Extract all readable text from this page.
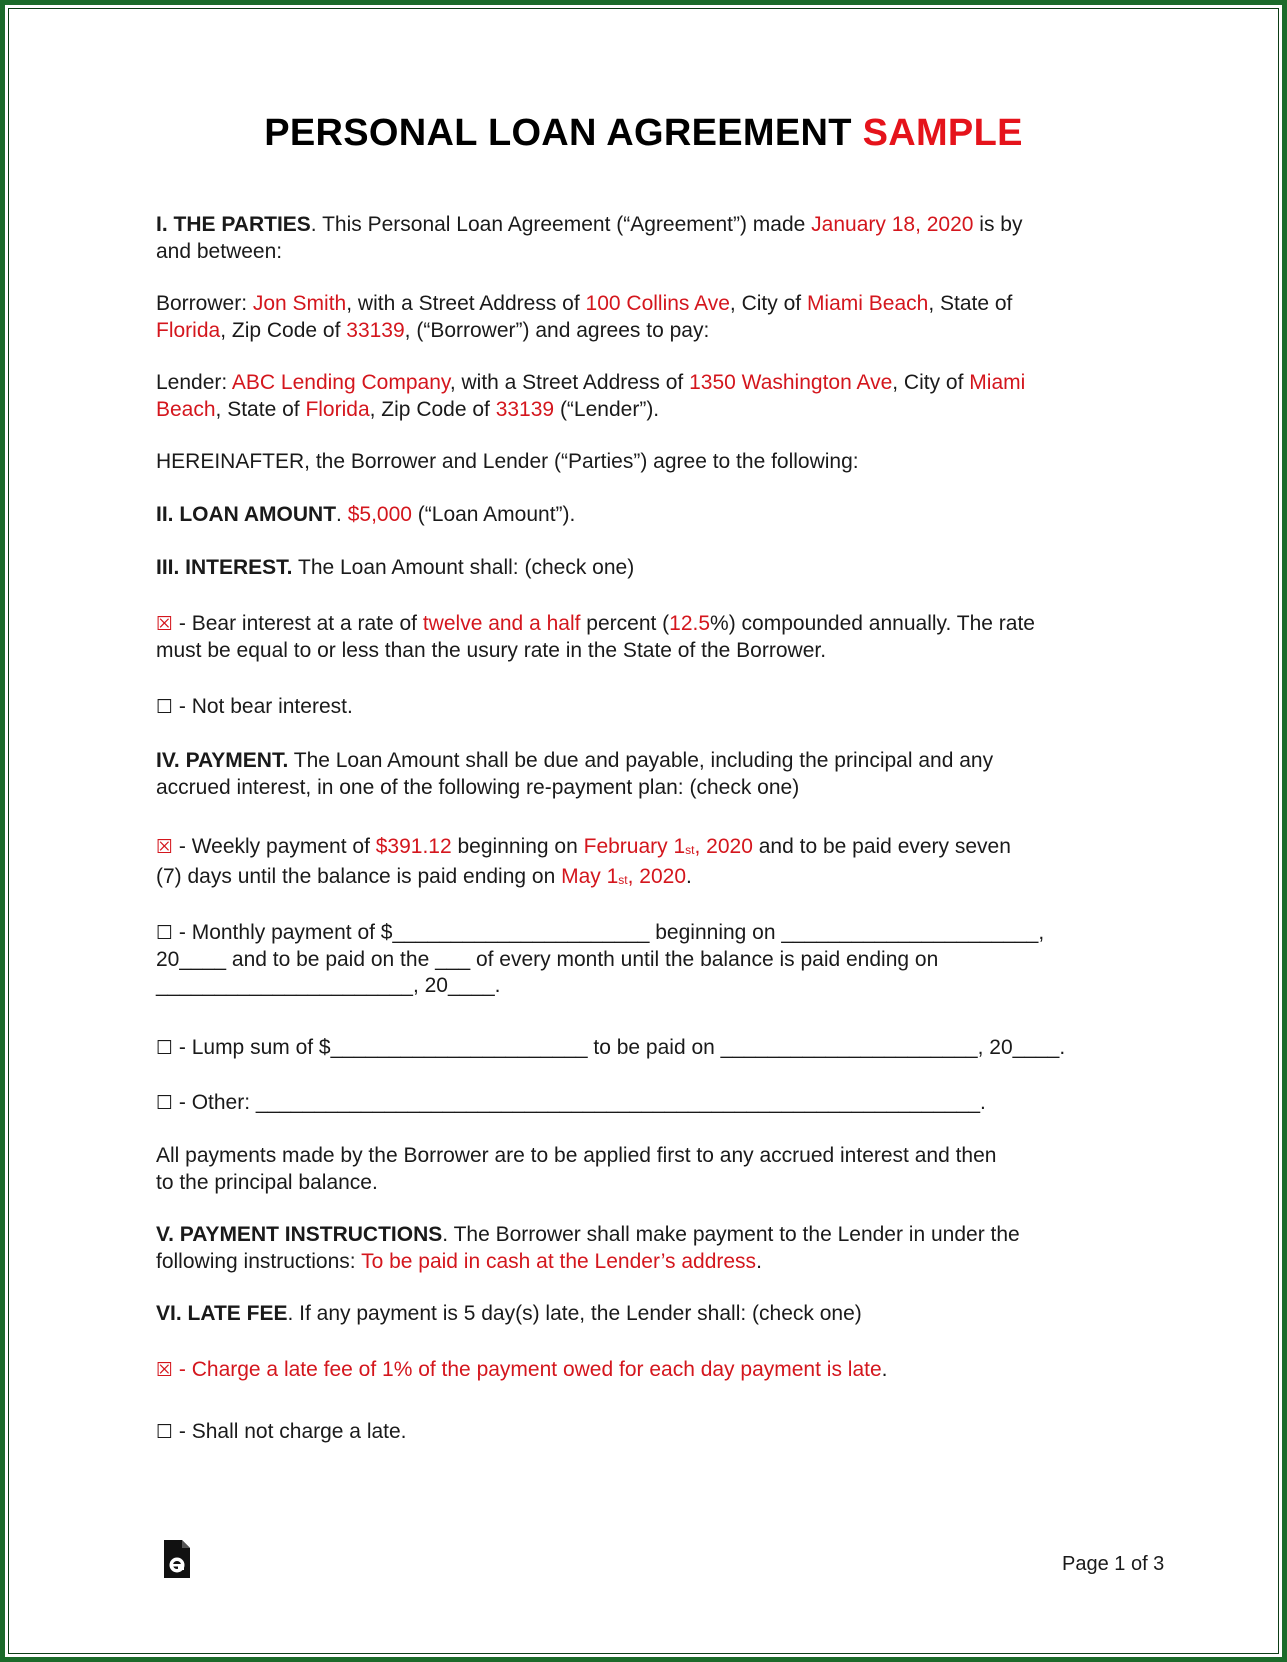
PERSONAL LOAN AGREEMENT SAMPLE
I. THE PARTIES. This Personal Loan Agreement (“Agreement”) made January 18, 2020 is by
and between:
Borrower: Jon Smith, with a Street Address of 100 Collins Ave, City of Miami Beach, State of
Florida, Zip Code of 33139, (“Borrower”) and agrees to pay:
Lender: ABC Lending Company, with a Street Address of 1350 Washington Ave, City of Miami
Beach, State of Florida, Zip Code of 33139 (“Lender”).
HEREINAFTER, the Borrower and Lender (“Parties”) agree to the following:
II. LOAN AMOUNT. $5,000 (“Loan Amount”).
III. INTEREST. The Loan Amount shall: (check one)
☒ - Bear interest at a rate of twelve and a half percent (12.5%) compounded annually. The rate
must be equal to or less than the usury rate in the State of the Borrower.
☐ - Not bear interest.
IV. PAYMENT. The Loan Amount shall be due and payable, including the principal and any
accrued interest, in one of the following re-payment plan: (check one)
☒ - Weekly payment of $391.12 beginning on February 1st, 2020 and to be paid every seven
(7) days until the balance is paid ending on May 1st, 2020.
☐ - Monthly payment of $______________________ beginning on ______________________,
20____ and to be paid on the ___ of every month until the balance is paid ending on
______________________, 20____.
☐ - Lump sum of $______________________ to be paid on ______________________, 20____.
☐ - Other: ______________________________________________________________.
All payments made by the Borrower are to be applied first to any accrued interest and then
to the principal balance.
V. PAYMENT INSTRUCTIONS. The Borrower shall make payment to the Lender in under the
following instructions: To be paid in cash at the Lender’s address.
VI. LATE FEE. If any payment is 5 day(s) late, the Lender shall: (check one)
☒ - Charge a late fee of 1% of the payment owed for each day payment is late.
☐ - Shall not charge a late.
Page 1 of 3
